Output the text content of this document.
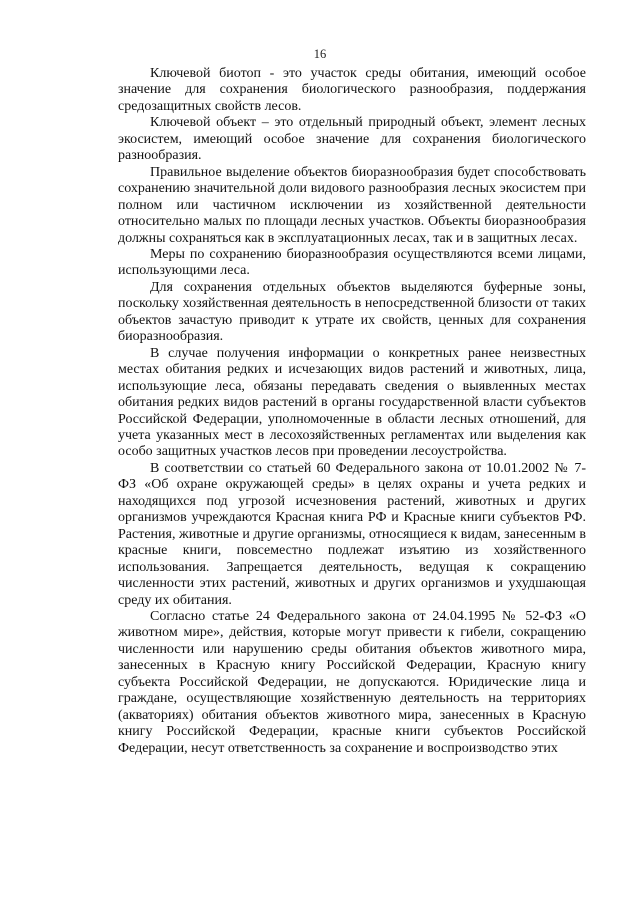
16

Ключевой биотоп - это участок среды обитания, имеющий особое значение для сохранения биологического разнообразия, поддержания средозащитных свойств лесов.

Ключевой объект – это отдельный природный объект, элемент лесных экосистем, имеющий особое значение для сохранения биологического разнообразия.

Правильное выделение объектов биоразнообразия будет способствовать сохранению значительной доли видового разнообразия лесных экосистем при полном или частичном исключении из хозяйственной деятельности относительно малых по площади лесных участков. Объекты биоразнообразия должны сохраняться как в эксплуатационных лесах, так и в защитных лесах.

Меры по сохранению биоразнообразия осуществляются всеми лицами, использующими леса.

Для сохранения отдельных объектов выделяются буферные зоны, поскольку хозяйственная деятельность в непосредственной близости от таких объектов зачастую приводит к утрате их свойств, ценных для сохранения биоразнообразия.

В случае получения информации о конкретных ранее неизвестных местах обитания редких и исчезающих видов растений и животных, лица, использующие леса, обязаны передавать сведения о выявленных местах обитания редких видов растений в органы государственной власти субъектов Российской Федерации, уполномоченные в области лесных отношений, для учета указанных мест в лесохозяйственных регламентах или выделения как особо защитных участков лесов при проведении лесоустройства.

В соответствии со статьей 60 Федерального закона от 10.01.2002 № 7-ФЗ «Об охране окружающей среды» в целях охраны и учета редких и находящихся под угрозой исчезновения растений, животных и других организмов учреждаются Красная книга РФ и Красные книги субъектов РФ. Растения, животные и другие организмы, относящиеся к видам, занесенным в красные книги, повсеместно подлежат изъятию из хозяйственного использования. Запрещается деятельность, ведущая к сокращению численности этих растений, животных и других организмов и ухудшающая среду их обитания.

Согласно статье 24 Федерального закона от 24.04.1995 № 52-ФЗ «О животном мире», действия, которые могут привести к гибели, сокращению численности или нарушению среды обитания объектов животного мира, занесенных в Красную книгу Российской Федерации, Красную книгу субъекта Российской Федерации, не допускаются. Юридические лица и граждане, осуществляющие хозяйственную деятельность на территориях (акваториях) обитания объектов животного мира, занесенных в Красную книгу Российской Федерации, красные книги субъектов Российской Федерации, несут ответственность за сохранение и воспроизводство этих
